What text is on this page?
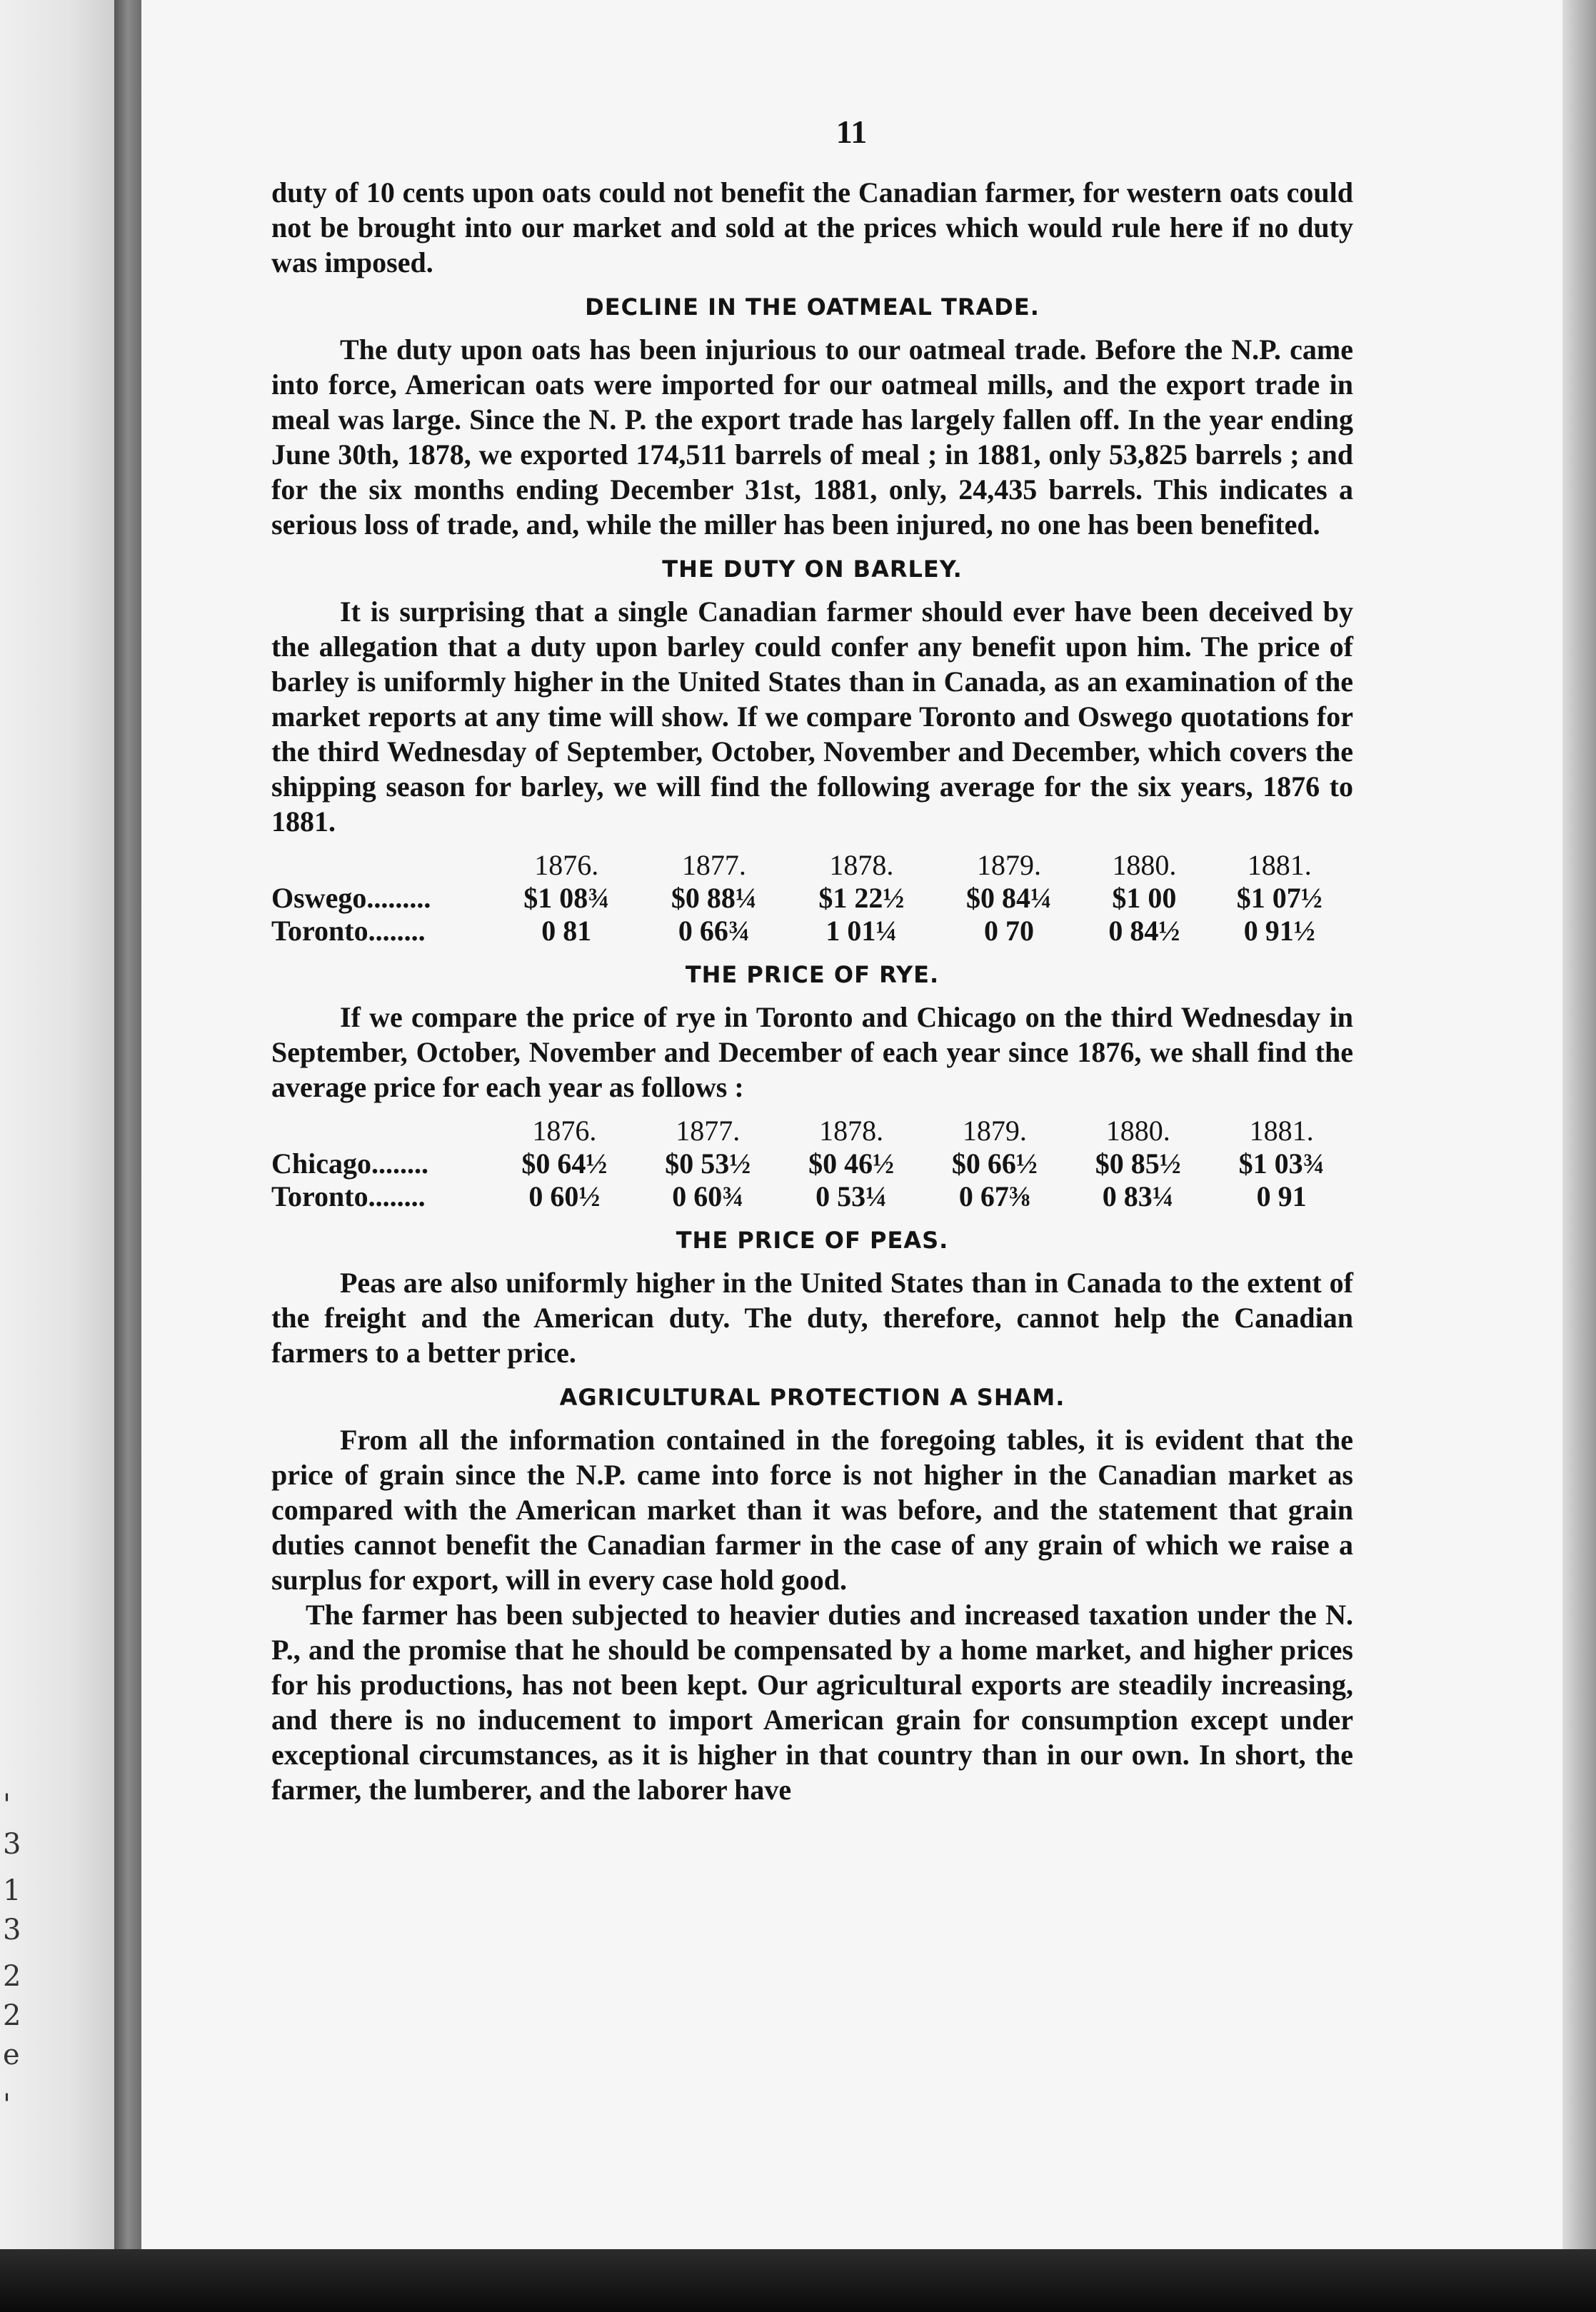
'
3
1
3
2
2
e
'
11

duty of 10 cents upon oats could not benefit the Canadian farmer, for western oats could not be brought into our market and sold at the prices which would rule here if no duty was imposed.

DECLINE IN THE OATMEAL TRADE.

The duty upon oats has been injurious to our oatmeal trade. Before the N.P. came into force, American oats were imported for our oatmeal mills, and the export trade in meal was large. Since the N. P. the export trade has largely fallen off. In the year ending June 30th, 1878, we exported 174,511 barrels of meal ; in 1881, only 53,825 barrels ; and for the six months ending December 31st, 1881, only, 24,435 barrels. This indicates a serious loss of trade, and, while the miller has been injured, no one has been benefited.

THE DUTY ON BARLEY.

It is surprising that a single Canadian farmer should ever have been deceived by the allegation that a duty upon barley could confer any benefit upon him. The price of barley is uniformly higher in the United States than in Canada, as an examination of the market reports at any time will show. If we compare Toronto and Oswego quotations for the third Wednesday of September, October, November and December, which covers the shipping season for barley, we will find the following average for the six years, 1876 to 1881.

	1876.	1877.	1878.	1879.	1880.	1881.
Oswego.........	$1 08¾	$0 88¼	$1 22½	$0 84¼	$1 00	$1 07½
Toronto........	0 81	0 66¾	1 01¼	0 70	0 84½	0 91½
THE PRICE OF RYE.

If we compare the price of rye in Toronto and Chicago on the third Wednesday in September, October, November and December of each year since 1876, we shall find the average price for each year as follows :

	1876.	1877.	1878.	1879.	1880.	1881.
Chicago........	$0 64½	$0 53½	$0 46½	$0 66½	$0 85½	$1 03¾
Toronto........	0 60½	0 60¾	0 53¼	0 67⅜	0 83¼	0 91
THE PRICE OF PEAS.

Peas are also uniformly higher in the United States than in Canada to the extent of the freight and the American duty. The duty, therefore, cannot help the Canadian farmers to a better price.

AGRICULTURAL PROTECTION A SHAM.

From all the information contained in the foregoing tables, it is evident that the price of grain since the N.P. came into force is not higher in the Canadian market as compared with the American market than it was before, and the statement that grain duties cannot benefit the Canadian farmer in the case of any grain of which we raise a surplus for export, will in every case hold good.

The farmer has been subjected to heavier duties and increased taxation under the N. P., and the promise that he should be compensated by a home market, and higher prices for his productions, has not been kept. Our agricultural exports are steadily increasing, and there is no inducement to import American grain for consumption except under exceptional circumstances, as it is higher in that country than in our own. In short, the farmer, the lumberer, and the laborer have
